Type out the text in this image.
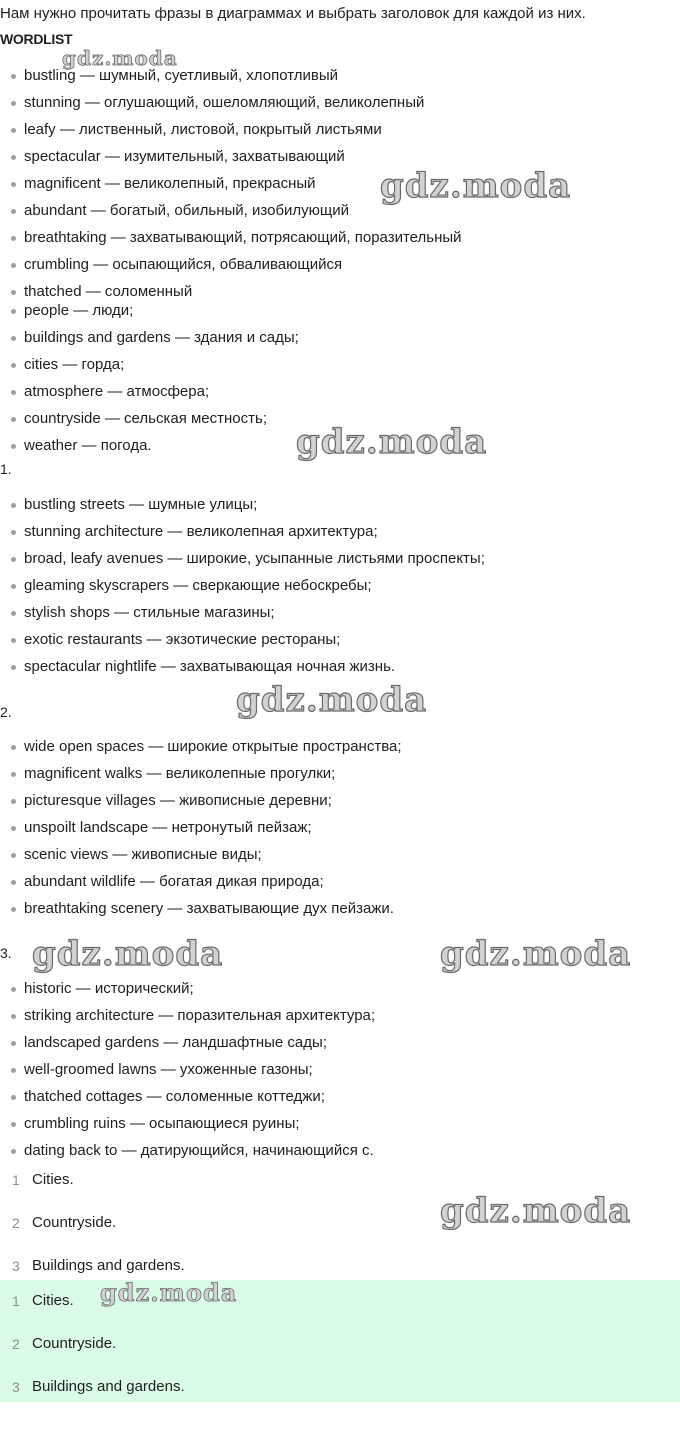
Нам нужно прочитать фразы в диаграммах и выбрать заголовок для каждой из них.
WORDLIST
bustling — шумный, суетливый, хлопотливый
stunning — оглушающий, ошеломляющий, великолепный
leafy — лиственный, листовой, покрытый листьями
spectacular — изумительный, захватывающий
magnificent — великолепный, прекрасный
abundant — богатый, обильный, изобилующий
breathtaking — захватывающий, потрясающий, поразительный
crumbling — осыпающийся, обваливающийся
thatched — соломенный
people — люди;
buildings and gardens — здания и сады;
cities — горда;
atmosphere — атмосфера;
countryside — сельская местность;
weather — погода.
1.
bustling streets — шумные улицы;
stunning architecture — великолепная архитектура;
broad, leafy avenues — широкие, усыпанные листьями проспекты;
gleaming skyscrapers — сверкающие небоскребы;
stylish shops — стильные магазины;
exotic restaurants — экзотические рестораны;
spectacular nightlife — захватывающая ночная жизнь.
2.
wide open spaces — широкие открытые пространства;
magnificent walks — великолепные прогулки;
picturesque villages — живописные деревни;
unspoilt landscape — нетронутый пейзаж;
scenic views — живописные виды;
abundant wildlife — богатая дикая природа;
breathtaking scenery — захватывающие дух пейзажи.
3.
historic — исторический;
striking architecture — поразительная архитектура;
landscaped gardens — ландшафтные сады;
well-groomed lawns — ухоженные газоны;
thatched cottages — соломенные коттеджи;
crumbling ruins — осыпающиеся руины;
dating back to — датирующийся, начинающийся с.
1 Cities.
2 Countryside.
3 Buildings and gardens.
1 Cities.
2 Countryside.
3 Buildings and gardens.
gdz.moda
gdz.moda
gdz.moda
gdz.moda
gdz.moda	gdz.moda
gdz.moda
gdz.moda
